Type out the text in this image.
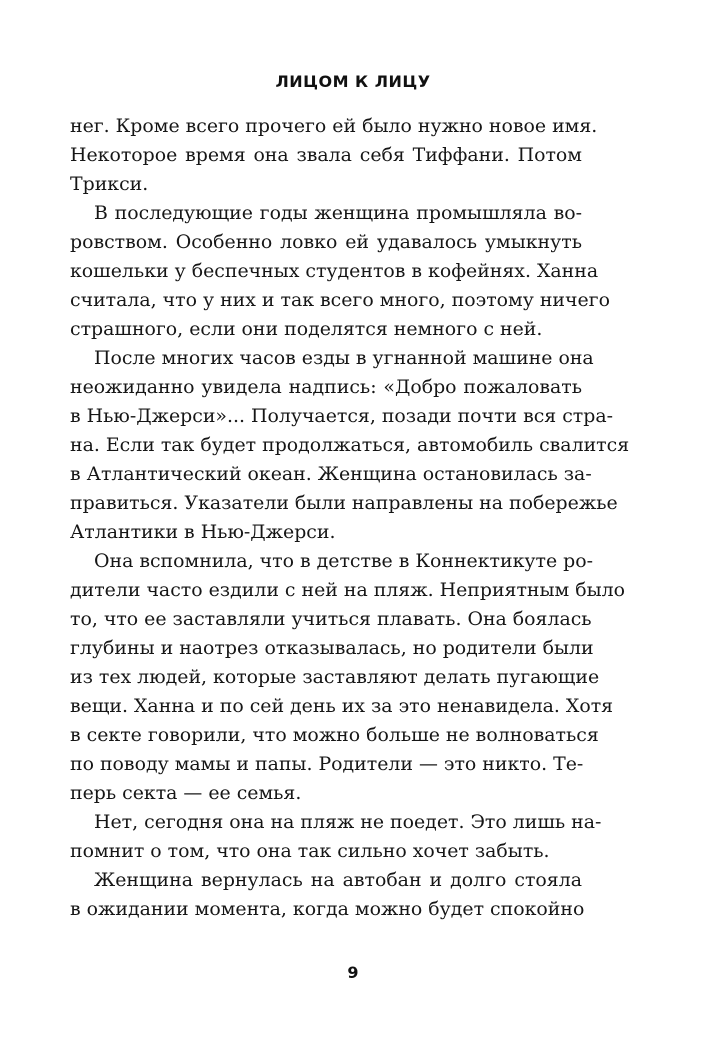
ЛИЦОМ К ЛИЦУ
нег. Кроме всего прочего ей было нужно новое имя.
Некоторое время она звала себя Тиффани. Потом
Трикси.
В последующие годы женщина промышляла во-
ровством. Особенно ловко ей удавалось умыкнуть
кошельки у беспечных студентов в кофейнях. Ханна
считала, что у них и так всего много, поэтому ничего
страшного, если они поделятся немного с ней.
После многих часов езды в угнанной машине она
неожиданно увидела надпись: «Добро пожаловать
в Нью-Джерси»... Получается, позади почти вся стра-
на. Если так будет продолжаться, автомобиль свалится
в Атлантический океан. Женщина остановилась за-
правиться. Указатели были направлены на побережье
Атлантики в Нью-Джерси.
Она вспомнила, что в детстве в Коннектикуте ро-
дители часто ездили с ней на пляж. Неприятным было
то, что ее заставляли учиться плавать. Она боялась
глубины и наотрез отказывалась, но родители были
из тех людей, которые заставляют делать пугающие
вещи. Ханна и по сей день их за это ненавидела. Хотя
в секте говорили, что можно больше не волноваться
по поводу мамы и папы. Родители — это никто. Те-
перь секта — ее семья.
Нет, сегодня она на пляж не поедет. Это лишь на-
помнит о том, что она так сильно хочет забыть.
Женщина вернулась на автобан и долго стояла
в ожидании момента, когда можно будет спокойно
9
